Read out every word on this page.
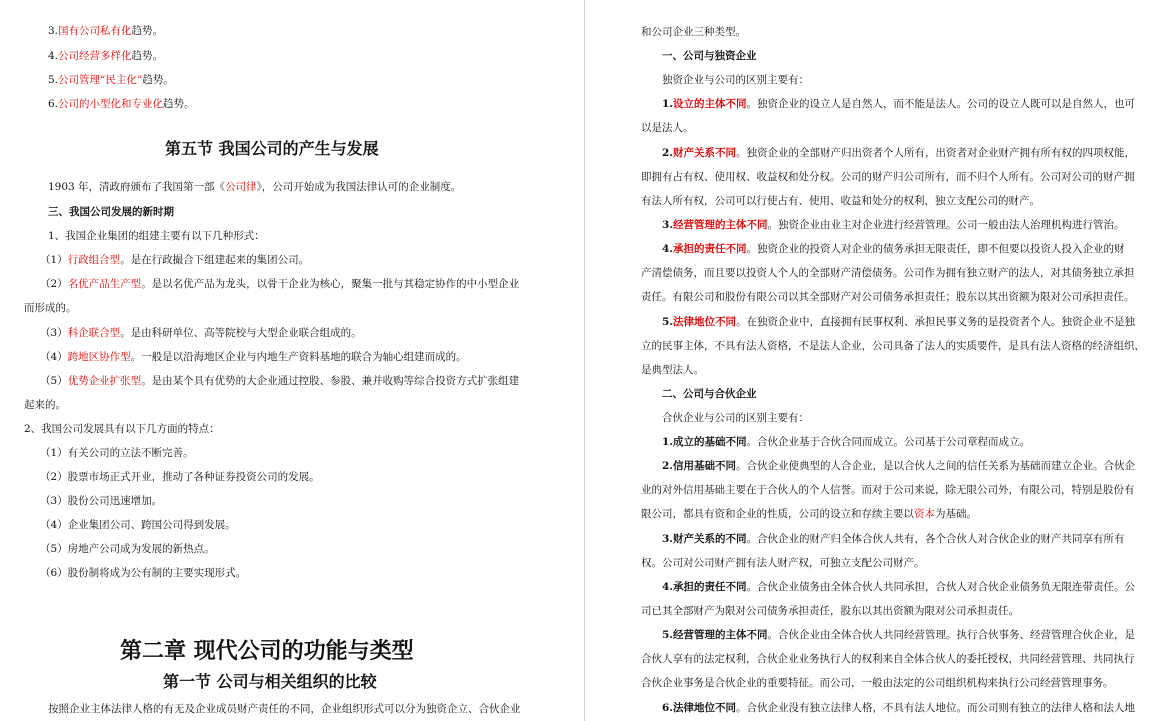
3.国有公司私有化趋势。
4.公司经营多样化趋势。
5.公司管理“民主化”趋势。
6.公司的小型化和专业化趋势。
第五节 我国公司的产生与发展
1903 年，清政府颁布了我国第一部《公司律》，公司开始成为我国法律认可的企业制度。
三、我国公司发展的新时期
1、我国企业集团的组建主要有以下几种形式：
（1）行政组合型。是在行政撮合下组建起来的集团公司。
（2）名优产品生产型。是以名优产品为龙头，以骨干企业为核心，聚集一批与其稳定协作的中小型企业
而形成的。
（3）科企联合型。是由科研单位、高等院校与大型企业联合组成的。
（4）跨地区协作型。一般是以沿海地区企业与内地生产资料基地的联合为轴心组建而成的。
（5）优势企业扩张型。是由某个具有优势的大企业通过控股、参股、兼并收购等综合投资方式扩张组建
起来的。
2、我国公司发展具有以下几方面的特点：
（1）有关公司的立法不断完善。
（2）股票市场正式开业，推动了各种证券投资公司的发展。
（3）股份公司迅速增加。
（4）企业集团公司、跨国公司得到发展。
（5）房地产公司成为发展的新热点。
（6）股份制将成为公有制的主要实现形式。
第二章 现代公司的功能与类型
第一节 公司与相关组织的比较
按照企业主体法律人格的有无及企业成员财产责任的不同，企业组织形式可以分为独资企立、合伙企业
和公司企业三种类型。
一、公司与独资企业
独资企业与公司的区别主要有：
1.设立的主体不同。独资企业的设立人是自然人，而不能是法人。公司的设立人既可以是自然人，也可
以是法人。
2.财产关系不同。独资企业的全部财产归出资者个人所有，出资者对企业财产拥有所有权的四项权能，
即拥有占有权、使用权、收益权和处分权。公司的财产归公司所有，而不归个人所有。公司对公司的财产拥
有法人所有权，公司可以行使占有、使用、收益和处分的权利，独立支配公司的财产。
3.经营管理的主体不同。独资企业由业主对企业进行经营管理。公司一般由法人治理机构进行管治。
4.承担的责任不同。独资企业的投资人对企业的债务承担无限责任，即不但要以投资人投入企业的财
产清偿债务，而且要以投资人个人的全部财产清偿债务。公司作为拥有独立财产的法人，对其债务独立承担
责任。有限公司和股份有限公司以其全部财产对公司债务承担责任；股东以其出资额为限对公司承担责任。
5.法律地位不同。在独资企业中，直接拥有民事权利、承担民事义务的是投资者个人。独资企业不是独
立的民事主体，不具有法人资格，不是法人企业，公司具备了法人的实质要件，是具有法人资格的经济组织，
是典型法人。
二、公司与合伙企业
合伙企业与公司的区别主要有：
1.成立的基础不同。合伙企业基于合伙合同而成立。公司基于公司章程而成立。
2.信用基础不同。合伙企业使典型的人合企业，是以合伙人之间的信任关系为基础而建立企业。合伙企
业的对外信用基础主要在于合伙人的个人信誉。而对于公司来说，除无限公司外，有限公司，特别是股份有
限公司，都具有资和企业的性质，公司的设立和存续主要以资本为基础。
3.财产关系的不同。合伙企业的财产归全体合伙人共有，各个合伙人对合伙企业的财产共同享有所有
权。公司对公司财产拥有法人财产权，可独立支配公司财产。
4.承担的责任不同。合伙企业债务由全体合伙人共同承担，合伙人对合伙企业债务负无限连带责任。公
司已其全部财产为限对公司债务承担责任，股东以其出资额为限对公司承担责任。
5.经营管理的主体不同。合伙企业由全体合伙人共同经营管理。执行合伙事务、经营管理合伙企业，是
合伙人享有的法定权利，合伙企业业务执行人的权利来自全体合伙人的委托授权，共同经营管理、共同执行
合伙企业事务是合伙企业的重要特征。而公司，一般由法定的公司组织机构来执行公司经营管理事务。
6.法律地位不同。合伙企业没有独立法律人格，不具有法人地位。而公司则有独立的法律人格和法人地
